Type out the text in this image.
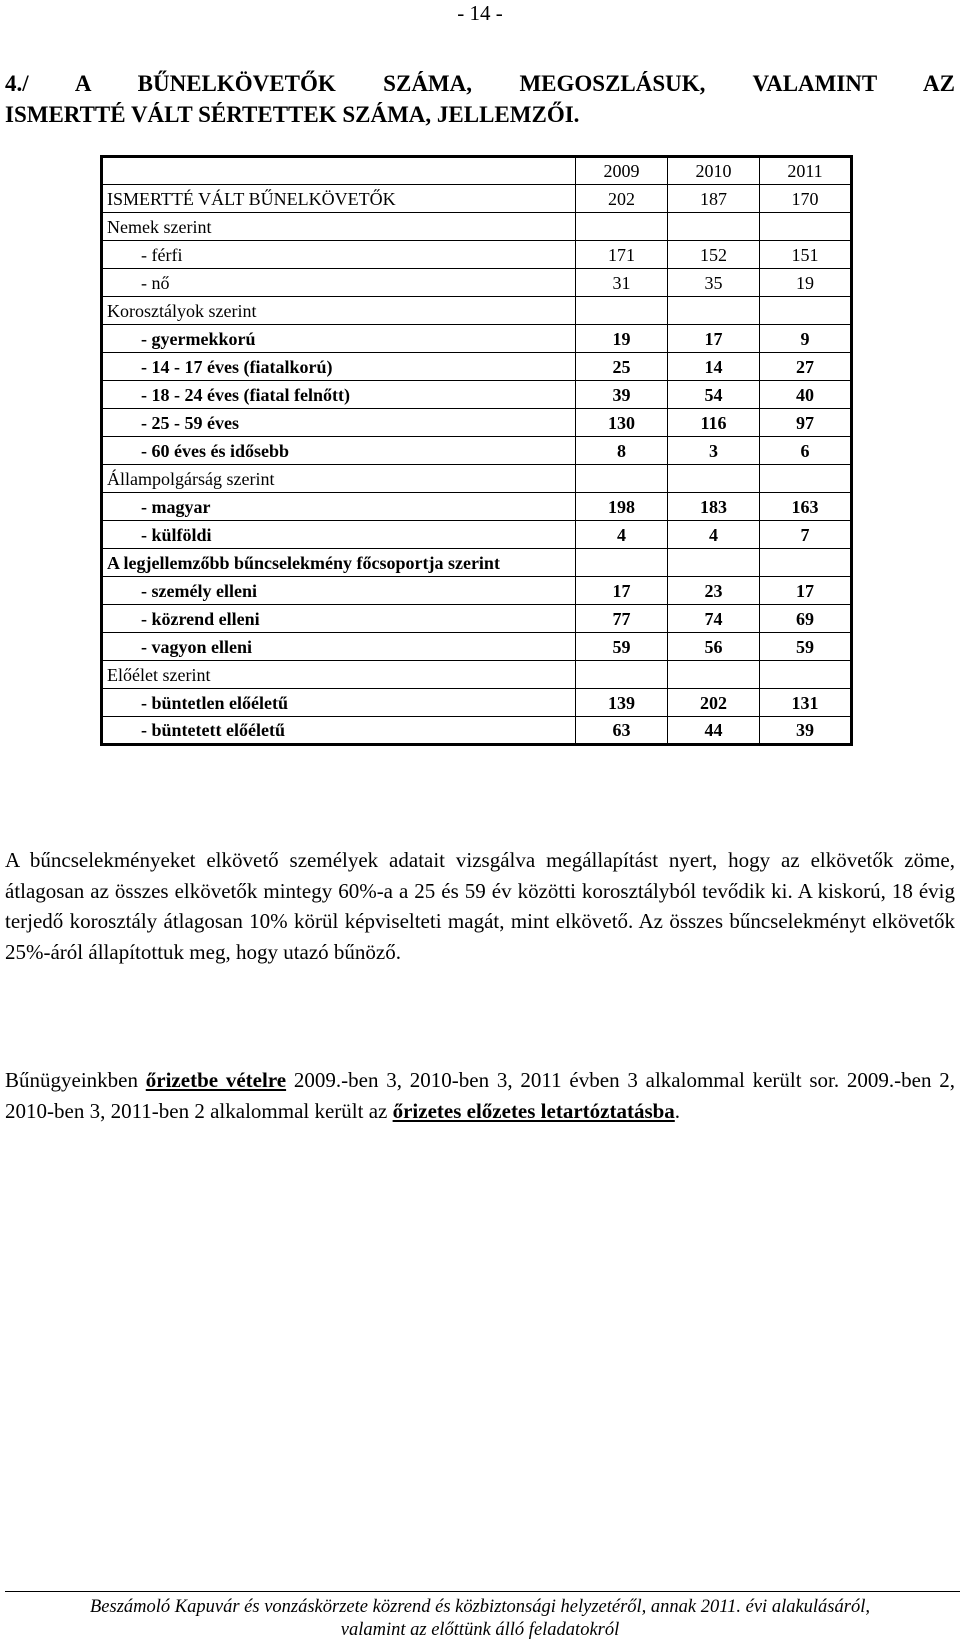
- 14 -
4./ A BŰNELKÖVETŐK SZÁMA, MEGOSZLÁSUK, VALAMINT AZ
ISMERTTÉ VÁLT SÉRTETTEK SZÁMA, JELLEMZŐI.
	2009	2010	2011
ISMERTTÉ VÁLT BŰNELKÖVETŐK	202	187	170
Nemek szerint			
- férfi	171	152	151
- nő	31	35	19
Korosztályok szerint			
- gyermekkorú	19	17	9
- 14 - 17 éves (fiatalkorú)	25	14	27
- 18 - 24 éves (fiatal felnőtt)	39	54	40
- 25 - 59 éves	130	116	97
- 60 éves és idősebb	8	3	6
Állampolgárság szerint			
- magyar	198	183	163
- külföldi	4	4	7
A legjellemzőbb bűncselekmény főcsoportja szerint			
- személy elleni	17	23	17
- közrend elleni	77	74	69
- vagyon elleni	59	56	59
Előélet szerint			
- büntetlen előéletű	139	202	131
- büntetett előéletű	63	44	39
A bűncselekményeket elkövető személyek adatait vizsgálva megállapítást nyert, hogy az elkövetők zöme, átlagosan az összes elkövetők mintegy 60%-a a 25 és 59 év közötti korosztályból tevődik ki. A kiskorú, 18 évig terjedő korosztály átlagosan 10% körül képviselteti magát, mint elkövető. Az összes bűncselekményt elkövetők 25%-áról állapítottuk meg, hogy utazó bűnöző.
Bűnügyeinkben őrizetbe vételre 2009.-ben 3, 2010-ben 3, 2011 évben 3 alkalommal került sor. 2009.-ben 2, 2010-ben 3, 2011-ben 2 alkalommal került az őrizetes előzetes letartóztatásba.
Beszámoló Kapuvár és vonzáskörzete közrend és közbiztonsági helyzetéről, annak 2011. évi alakulásáról,
valamint az előttünk álló feladatokról
